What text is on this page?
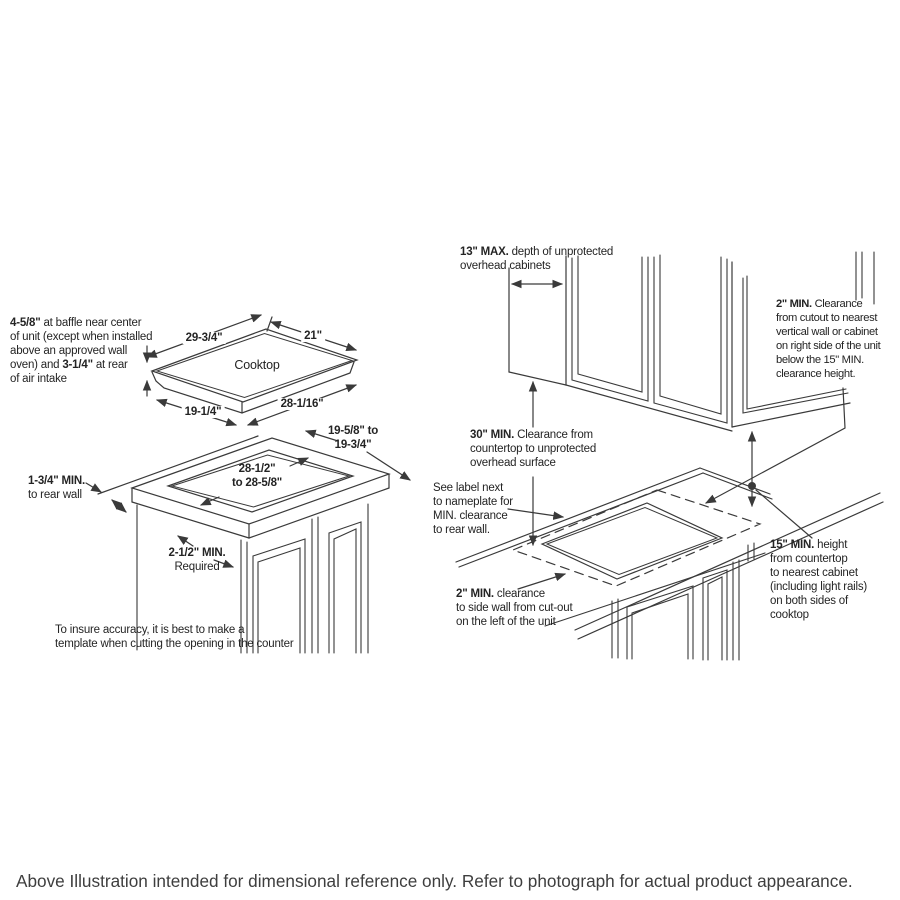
4-5/8" at baffle near center
of unit (except when installed
above an approved wall
oven) and 3-1/4" at rear
of air intake
29-3/4"	21"
Cooktop
19-1/4"
28-1/16"
1-3/4" MIN.
to rear wall
19-5/8" to
19-3/4"
28-1/2"
to 28-5/8"
2-1/2" MIN.
Required
To insure accuracy, it is best to make a
template when cutting the opening in the counter
13" MAX. depth of unprotected
overhead cabinets
2" MIN. Clearance
from cutout to nearest
vertical wall or cabinet
on right side of the unit
below the 15" MIN.
clearance height.
30" MIN. Clearance from
countertop to unprotected
overhead surface
See label next
to nameplate for
MIN. clearance
to rear wall.
2" MIN. clearance
to side wall from cut-out
on the left of the unit
15" MIN. height
from countertop
to nearest cabinet
(including light rails)
on both sides of
cooktop
Above Illustration intended for dimensional reference only. Refer to photograph for actual product appearance.
